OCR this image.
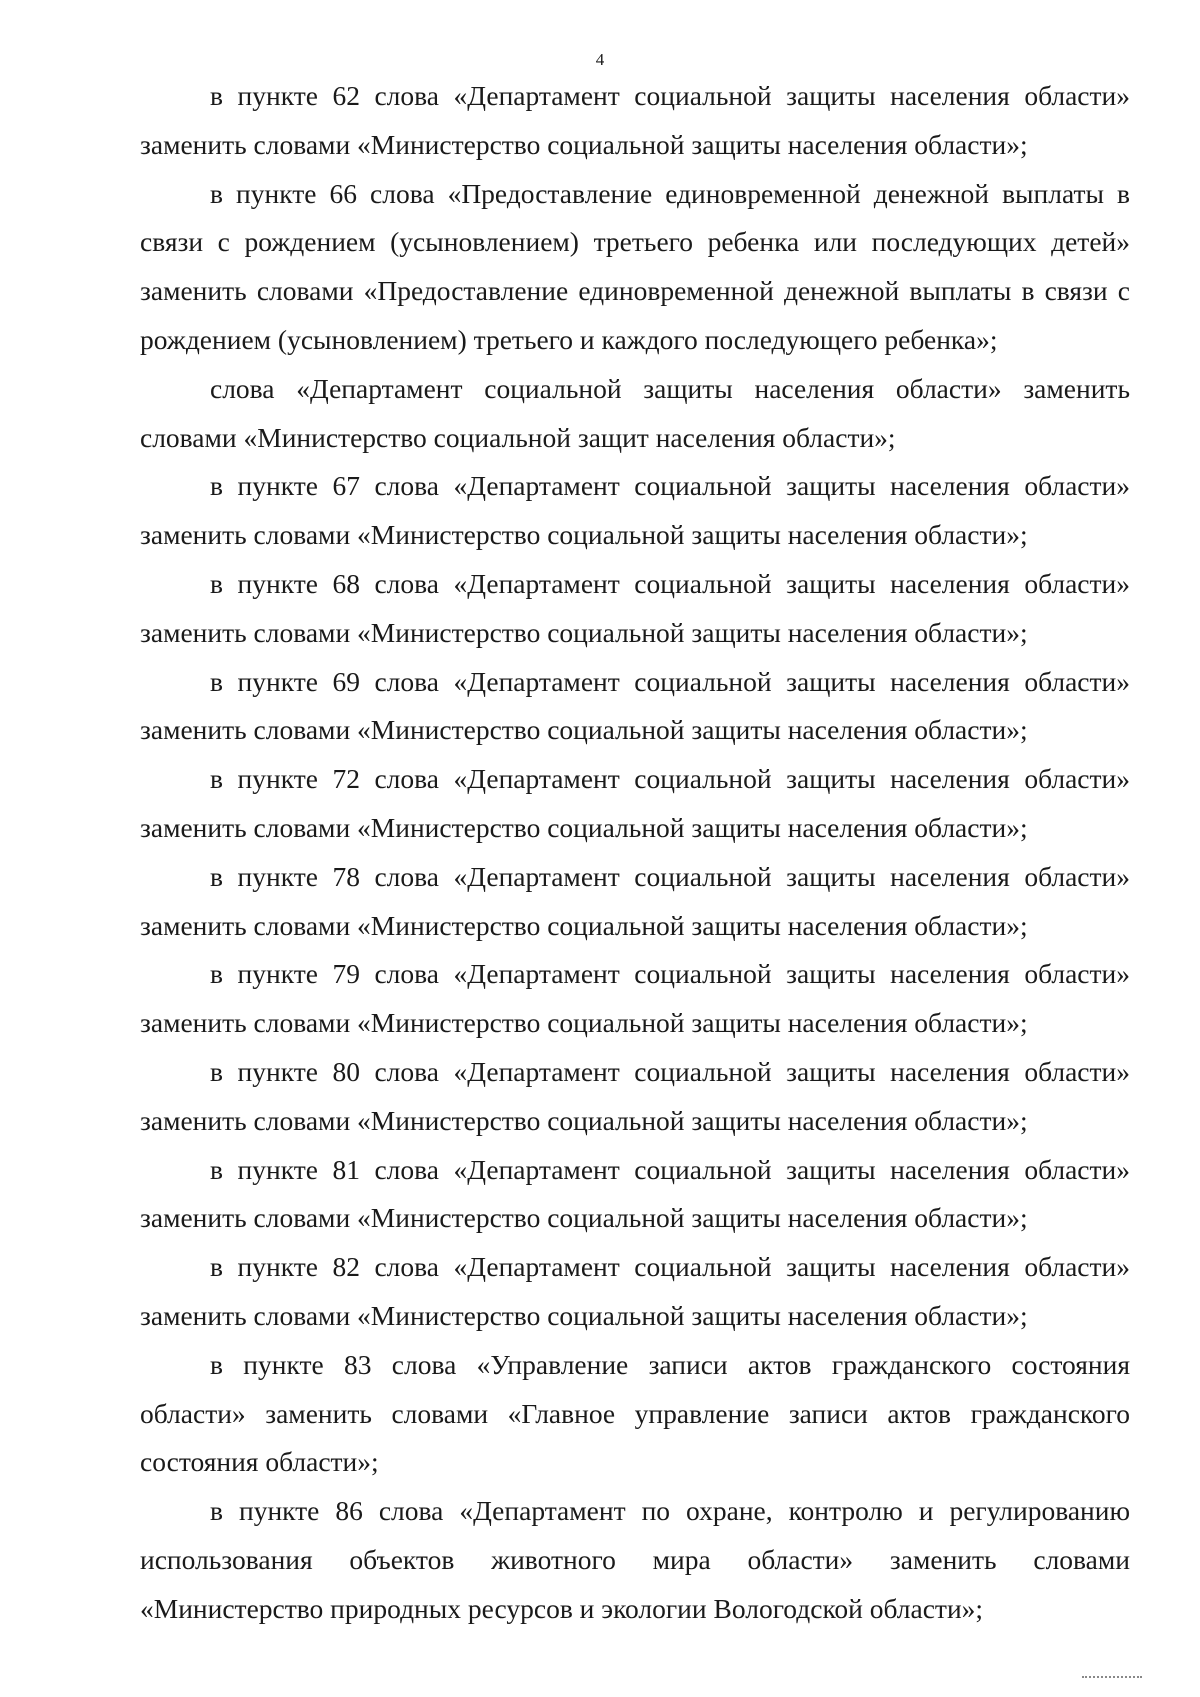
4

в пункте 62 слова «Департамент социальной защиты населения области» заменить словами «Министерство социальной защиты населения области»;

в пункте 66 слова «Предоставление единовременной денежной выплаты в связи с рождением (усыновлением) третьего ребенка или последующих детей» заменить словами «Предоставление единовременной денежной выплаты в связи с рождением (усыновлением) третьего и каждого последующего ребенка»;

слова «Департамент социальной защиты населения области» заменить словами «Министерство социальной защит населения области»;

в пункте 67 слова «Департамент социальной защиты населения области» заменить словами «Министерство социальной защиты населения области»;

в пункте 68 слова «Департамент социальной защиты населения области» заменить словами «Министерство социальной защиты населения области»;

в пункте 69 слова «Департамент социальной защиты населения области» заменить словами «Министерство социальной защиты населения области»;

в пункте 72 слова «Департамент социальной защиты населения области» заменить словами «Министерство социальной защиты населения области»;

в пункте 78 слова «Департамент социальной защиты населения области» заменить словами «Министерство социальной защиты населения области»;

в пункте 79 слова «Департамент социальной защиты населения области» заменить словами «Министерство социальной защиты населения области»;

в пункте 80 слова «Департамент социальной защиты населения области» заменить словами «Министерство социальной защиты населения области»;

в пункте 81 слова «Департамент социальной защиты населения области» заменить словами «Министерство социальной защиты населения области»;

в пункте 82 слова «Департамент социальной защиты населения области» заменить словами «Министерство социальной защиты населения области»;

в пункте 83 слова «Управление записи актов гражданского состояния области» заменить словами «Главное управление записи актов гражданского состояния области»;

в пункте 86 слова «Департамент по охране, контролю и регулированию использования объектов животного мира области» заменить словами «Министерство природных ресурсов и экологии Вологодской области»;
